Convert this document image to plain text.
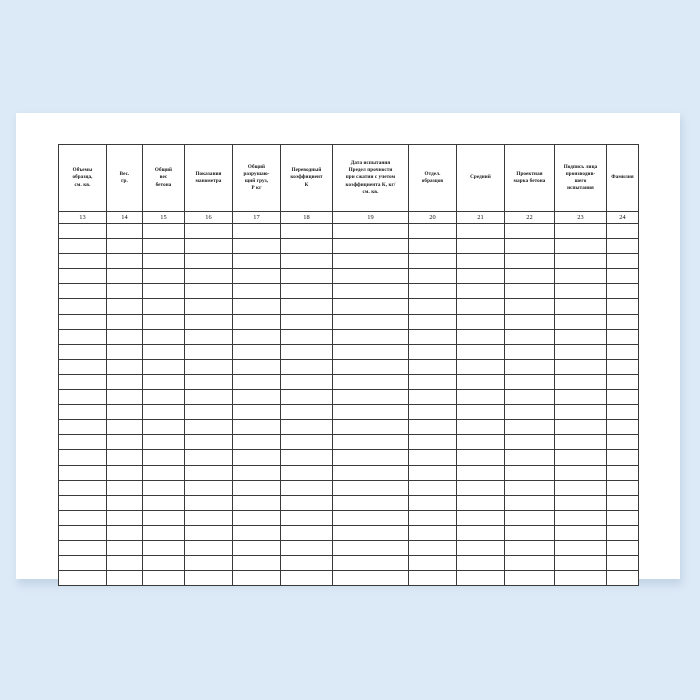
Объемы
образца,
см. кв.	Вес.
гр.	Общий
вес
бетона	Показания
манометра	Общий
разрушаю-
щий груз,
Р кг	Переводный
коэффициент
К	Дата испытания
Предел прочности
при сжатии с учетом
коэффициента К, кг/
см. кв.	Отдел.
образцов	Средний	Проектная
марка бетона	Подпись лица
производив-
шего
испытания	Фамилия

13	14	15	16	17	18	19	20	21	22	23	24
